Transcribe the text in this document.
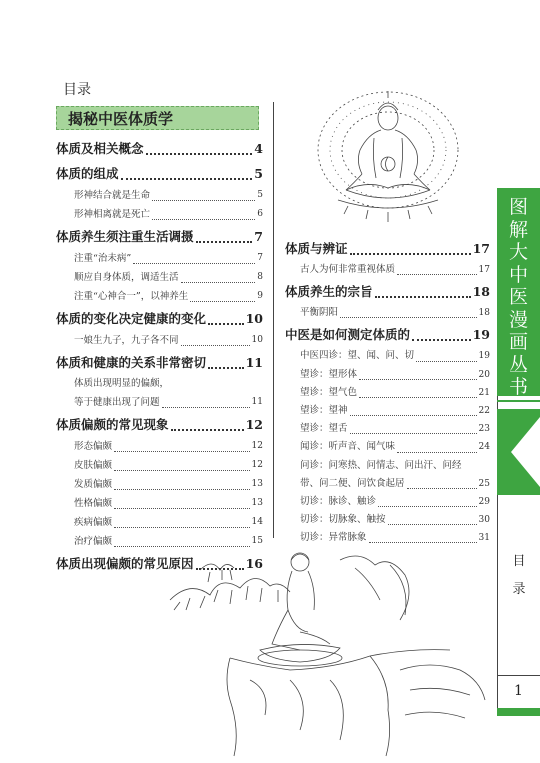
目录
揭秘中医体质学
体质及相关概念	4
体质的组成	5
形神结合就是生命	5
形神相离就是死亡	6
体质养生须注重生活调摄	7
注重“治未病”	7
顺应自身体质，调适生活	8
注重“心神合一”，以神养生	9
体质的变化决定健康的变化	10
一娘生九子，九子各不同	10
体质和健康的关系非常密切	11
体质出现明显的偏颇，
等于健康出现了问题	11
体质偏颇的常见现象	12
形态偏颇	12
皮肤偏颇	12
发质偏颇	13
性格偏颇	13
疾病偏颇	14
治疗偏颇	15
体质出现偏颇的常见原因	16
体质与辨证	17
古人为何非常重视体质	17
体质养生的宗旨	18
平衡阴阳	18
中医是如何测定体质的	19
中医四诊：望、闻、问、切	19
望诊：望形体	20
望诊：望气色	21
望诊：望神	22
望诊：望舌	23
闻诊：听声音、闻气味	24
问诊：问寒热、问情志、问出汗、问经
带、问二便、问饮食起居	25
切诊：脉诊、触诊	29
切诊：切脉象、触按	30
切诊：异常脉象	31
图解大中医漫画丛书
目录
1
